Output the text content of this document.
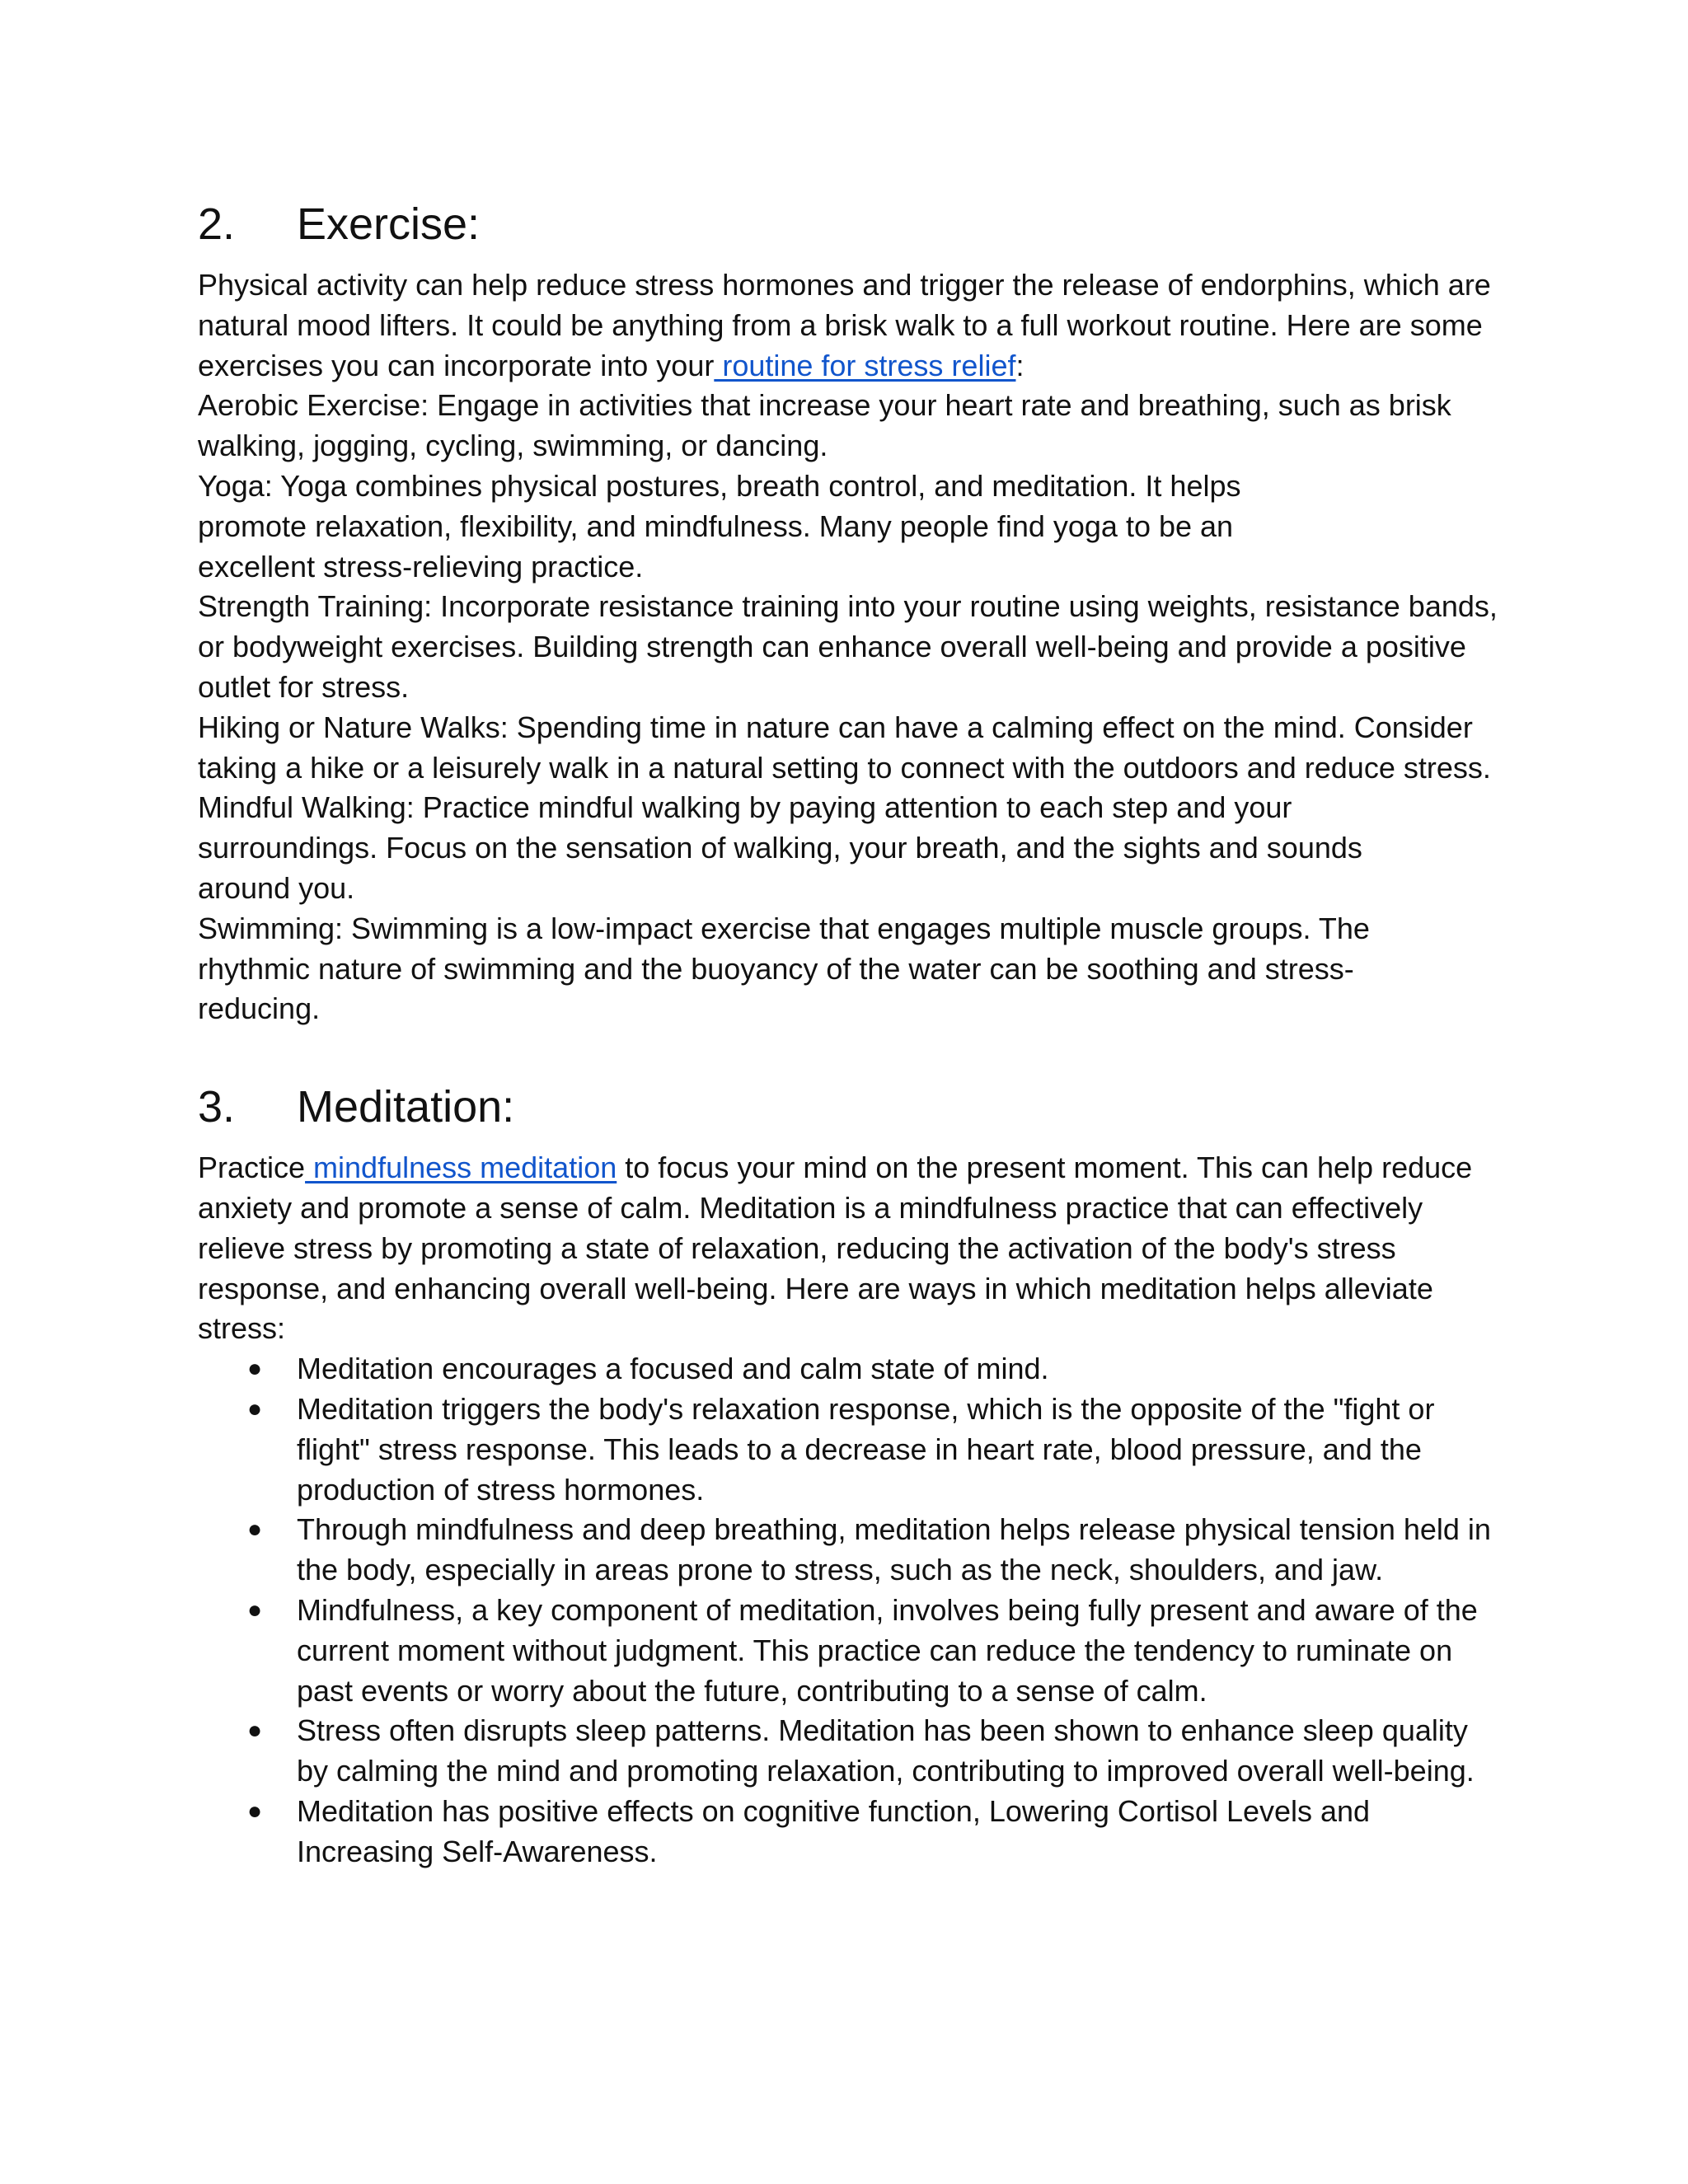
2.	Exercise:

Physical activity can help reduce stress hormones and trigger the release of endorphins, which are natural mood lifters. It could be anything from a brisk walk to a full workout routine. Here are some exercises you can incorporate into your routine for stress relief:

Aerobic Exercise: Engage in activities that increase your heart rate and breathing, such as brisk walking, jogging, cycling, swimming, or dancing.

Yoga: Yoga combines physical postures, breath control, and meditation. It helps promote relaxation, flexibility, and mindfulness. Many people find yoga to be an excellent stress-relieving practice.

Strength Training: Incorporate resistance training into your routine using weights, resistance bands, or bodyweight exercises. Building strength can enhance overall well-being and provide a positive outlet for stress.

Hiking or Nature Walks: Spending time in nature can have a calming effect on the mind. Consider taking a hike or a leisurely walk in a natural setting to connect with the outdoors and reduce stress.

Mindful Walking: Practice mindful walking by paying attention to each step and your surroundings. Focus on the sensation of walking, your breath, and the sights and sounds around you.

Swimming: Swimming is a low-impact exercise that engages multiple muscle groups. The rhythmic nature of swimming and the buoyancy of the water can be soothing and stress-reducing.

3.	Meditation:

Practice mindfulness meditation to focus your mind on the present moment. This can help reduce anxiety and promote a sense of calm. Meditation is a mindfulness practice that can effectively relieve stress by promoting a state of relaxation, reducing the activation of the body's stress response, and enhancing overall well-being. Here are ways in which meditation helps alleviate stress:

● Meditation encourages a focused and calm state of mind.
● Meditation triggers the body's relaxation response, which is the opposite of the "fight or flight" stress response. This leads to a decrease in heart rate, blood pressure, and the production of stress hormones.
● Through mindfulness and deep breathing, meditation helps release physical tension held in the body, especially in areas prone to stress, such as the neck, shoulders, and jaw.
● Mindfulness, a key component of meditation, involves being fully present and aware of the current moment without judgment. This practice can reduce the tendency to ruminate on past events or worry about the future, contributing to a sense of calm.
● Stress often disrupts sleep patterns. Meditation has been shown to enhance sleep quality by calming the mind and promoting relaxation, contributing to improved overall well-being.
● Meditation has positive effects on cognitive function, Lowering Cortisol Levels and Increasing Self-Awareness.
